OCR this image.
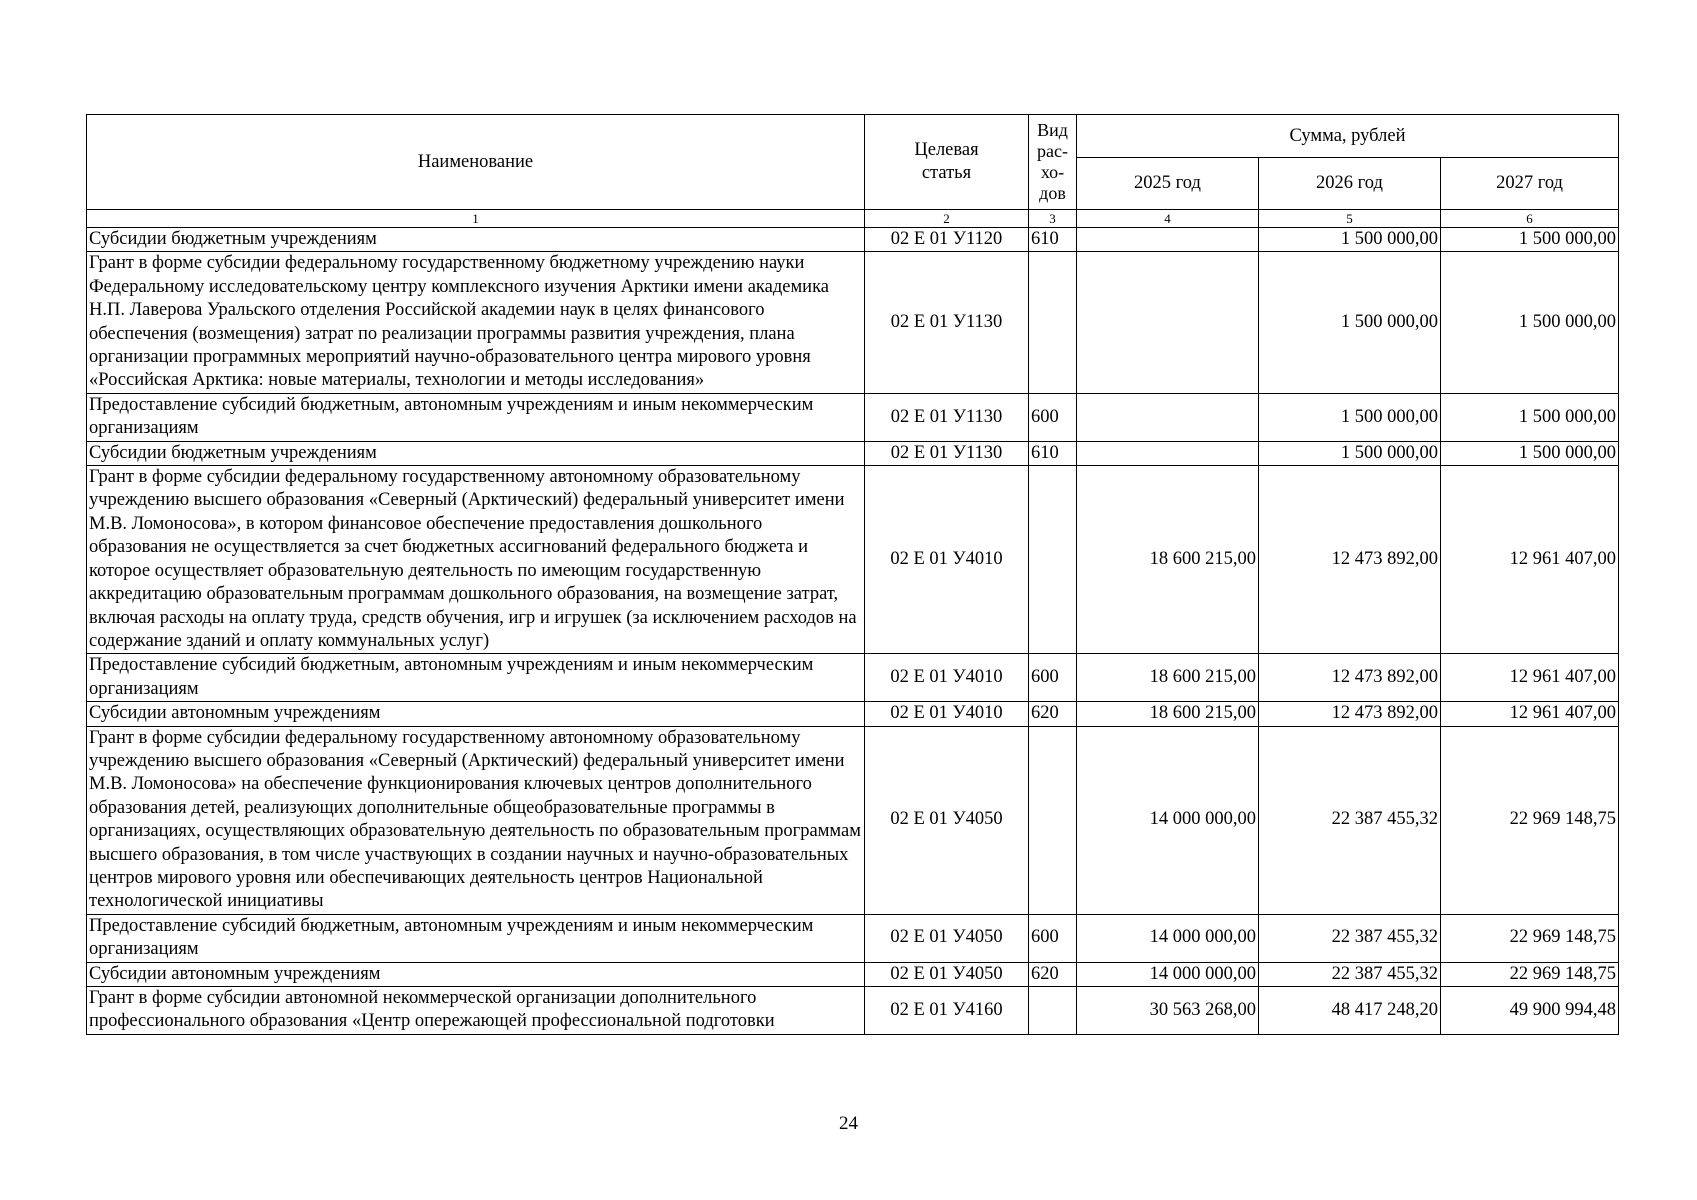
Наименование	Целевая статья	Вид рас-хо-дов	Сумма, рублей		
			2025 год	2026 год	2027 год
1	2	3	4	5	6
Субсидии бюджетным учреждениям	02 Е 01 У1120	610		1 500 000,00	1 500 000,00
Грант в форме субсидии федеральному государственному бюджетному учреждению науки Федеральному исследовательскому центру комплексного изучения Арктики имени академика Н.П. Лаверова Уральского отделения Российской академии наук в целях финансового обеспечения (возмещения) затрат по реализации программы развития учреждения, плана организации программных мероприятий научно-образовательного центра мирового уровня «Российская Арктика: новые материалы, технологии и методы исследования»	02 Е 01 У1130			1 500 000,00	1 500 000,00
Предоставление субсидий бюджетным, автономным учреждениям и иным некоммерческим организациям	02 Е 01 У1130	600		1 500 000,00	1 500 000,00
Субсидии бюджетным учреждениям	02 Е 01 У1130	610		1 500 000,00	1 500 000,00
Грант в форме субсидии федеральному государственному автономному образовательному учреждению высшего образования «Северный (Арктический) федеральный университет имени М.В. Ломоносова», в котором финансовое обеспечение предоставления дошкольного образования не осуществляется за счет бюджетных ассигнований федерального бюджета и которое осуществляет образовательную деятельность по имеющим государственную аккредитацию образовательным программам дошкольного образования, на возмещение затрат, включая расходы на оплату труда, средств обучения, игр и игрушек (за исключением расходов на содержание зданий и оплату коммунальных услуг)	02 Е 01 У4010		18 600 215,00	12 473 892,00	12 961 407,00
Предоставление субсидий бюджетным, автономным учреждениям и иным некоммерческим организациям	02 Е 01 У4010	600	18 600 215,00	12 473 892,00	12 961 407,00
Субсидии автономным учреждениям	02 Е 01 У4010	620	18 600 215,00	12 473 892,00	12 961 407,00
Грант в форме субсидии федеральному государственному автономному образовательному учреждению высшего образования «Северный (Арктический) федеральный университет имени М.В. Ломоносова» на обеспечение функционирования ключевых центров дополнительного образования детей, реализующих дополнительные общеобразовательные программы в организациях, осуществляющих образовательную деятельность по образовательным программам высшего образования, в том числе участвующих в создании научных и научно-образовательных центров мирового уровня или обеспечивающих деятельность центров Национальной технологической инициативы	02 Е 01 У4050		14 000 000,00	22 387 455,32	22 969 148,75
Предоставление субсидий бюджетным, автономным учреждениям и иным некоммерческим организациям	02 Е 01 У4050	600	14 000 000,00	22 387 455,32	22 969 148,75
Субсидии автономным учреждениям	02 Е 01 У4050	620	14 000 000,00	22 387 455,32	22 969 148,75
Грант в форме субсидии автономной некоммерческой организации дополнительного профессионального образования «Центр опережающей профессиональной подготовки	02 Е 01 У4160		30 563 268,00	48 417 248,20	49 900 994,48
24
